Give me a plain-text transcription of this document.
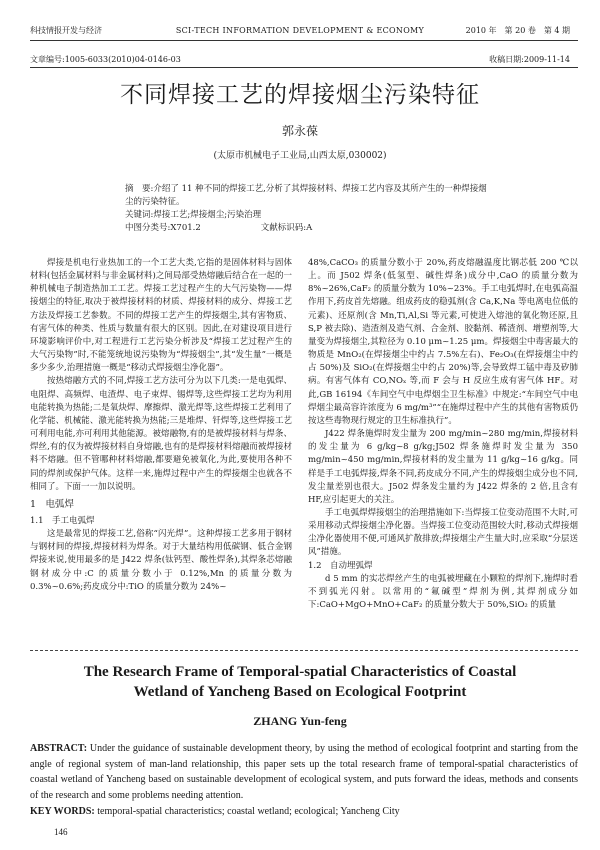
科技情报开发与经济	SCI-TECH INFORMATION DEVELOPMENT & ECONOMY	2010 年　第 20 卷　第 4 期
文章编号:1005-6033(2010)04-0146-03	收稿日期:2009-11-14
不同焊接工艺的焊接烟尘污染特征
郭永葆
(太原市机械电子工业局,山西太原,030002)
摘　要:介绍了 11 种不同的焊接工艺,分析了其焊接材料、焊接工艺内容及其所产生的一种焊接烟尘的污染特征。
关键词:焊接工艺;焊接烟尘;污染治理
中图分类号:X701.2	文献标识码:A

焊接是机电行业热加工的一个工艺大类,它指的是固体材料与固体材料(包括金属材料与非金属材料)之间局部受热熔融后结合在一起的一种机械电子制造热加工工艺。焊接工艺过程产生的大气污染物——焊接烟尘的特征,取决于被焊接材料的材质、焊接材料的成分、焊接工艺方法及焊接工艺参数。不同的焊接工艺产生的焊接烟尘,其有害物质、有害气体的种类、性质与数量有很大的区别。因此,在对建设项目进行环境影响评价中,对工程进行工艺污染分析涉及“焊接工艺过程产生的大气污染物”时,不能笼统地说污染物为“焊接烟尘”,其“发生量”一概是多少多少,治理措施一概是“移动式焊接烟尘净化器”。

按热熔融方式的不同,焊接工艺方法可分为以下几类:一是电弧焊、电阻焊、高频焊、电渣焊、电子束焊、锡焊等,这些焊接工艺均为利用电能转换为热能;二是氧炔焊、摩擦焊、激光焊等,这些焊接工艺利用了化学能、机械能、激光能转换为热能;三是堆焊、钎焊等,这些焊接工艺可利用电能,亦可利用其他能源。被熔融物,有的是被焊接材料与焊条、焊丝,有的仅为被焊接材料自身熔融,也有的是焊接材料熔融而被焊接材料不熔融。但不管哪种材料熔融,都要避免被氧化,为此,要使用各种不同的焊剂或保护气体。这样一来,施焊过程中产生的焊接烟尘也就各不相同了。下面一一加以说明。

1　电弧焊

1.1　手工电弧焊

这是最常见的焊接工艺,俗称“闪光焊”。这种焊接工艺多用于钢材与钢材间的焊接,焊接材料为焊条。对于大量结构用低碳钢、低合金钢焊接来说,使用最多的是 J422 焊条(钛钙型、酸性焊条),其焊条芯熔融钢材成分中:C 的质量分数小于 0.12%,Mn 的质量分数为 0.3%~0.6%;药皮成分中:TiO 的质量分数为 24%~

48%,CaCO₃ 的质量分数小于 20%,药皮熔融温度比钢芯低 200 ℃以上。而 J502 焊条(低氢型、碱性焊条)成分中,CaO 的质量分数为 8%~26%,CaF₂ 的质量分数为 10%~23%。手工电弧焊时,在电弧高温作用下,药皮首先熔融。组成药皮的稳弧剂(含 Ca,K,Na 等电离电位低的元素)、还原剂(含 Mn,Ti,Al,Si 等元素,可使进入熔池的氧化物还原,且 S,P 被去除)、造渣剂及造气剂、合金剂、胶黏剂、稀渣剂、增塑剂等,大量变为焊接烟尘,其粒径为 0.10 μm~1.25 μm。焊接烟尘中毒害最大的物质是 MnO₂(在焊接烟尘中约占 7.5%左右)、Fe₂O₃(在焊接烟尘中约占 50%)及 SiO₂(在焊接烟尘中约占 20%)等,会导致焊工锰中毒及矽肺病。有害气体有 CO,NOₓ 等,而 F 会与 H 反应生成有害气体 HF。对此,GB 16194《车间空气中电焊烟尘卫生标准》中规定:“车间空气中电焊烟尘最高容许浓度为 6 mg/m³”“在施焊过程中产生的其他有害物质仍按这些毒物现行规定的卫生标准执行”。

J422 焊条施焊时发尘量为 200 mg/min~280 mg/min,焊接材料的发尘量为 6 g/kg~8 g/kg;J502 焊条施焊时发尘量为 350 mg/min~450 mg/min,焊接材料的发尘量为 11 g/kg~16 g/kg。同样是手工电弧焊接,焊条不同,药皮成分不同,产生的焊接烟尘成分也不同,发尘量差别也很大。J502 焊条发尘量约为 J422 焊条的 2 倍,且含有 HF,应引起更大的关注。

手工电弧焊焊接烟尘的治理措施如下:当焊接工位变动范围不大时,可采用移动式焊接烟尘净化器。当焊接工位变动范围较大时,移动式焊接烟尘净化器使用不便,可通风扩散排放;焊接烟尘产生量大时,应采取“分层送风”措施。

1.2　自动埋弧焊

d 5 mm 的实芯焊丝产生的电弧被埋藏在小颗粒的焊剂下,施焊时看不到弧光闪射。以常用的“氟碱型”焊剂为例,其焊剂成分如下:CaO+MgO+MnO+CaF₂ 的质量分数大于 50%,SiO₂ 的质量

The Research Frame of Temporal-spatial Characteristics of Coastal
Wetland of Yancheng Based on Ecological Footprint
ZHANG Yun-feng
ABSTRACT: Under the guidance of sustainable development theory, by using the method of ecological footprint and starting from the angle of regional system of man-land relationship, this paper sets up the total research frame of temporal-spatial characteristics of coastal wetland of Yancheng based on sustainable development of ecological system, and puts forward the ideas, methods and consents of the research and some problems needing attention.
KEY WORDS: temporal-spatial characteristics; coastal wetland; ecological; Yancheng City
146
